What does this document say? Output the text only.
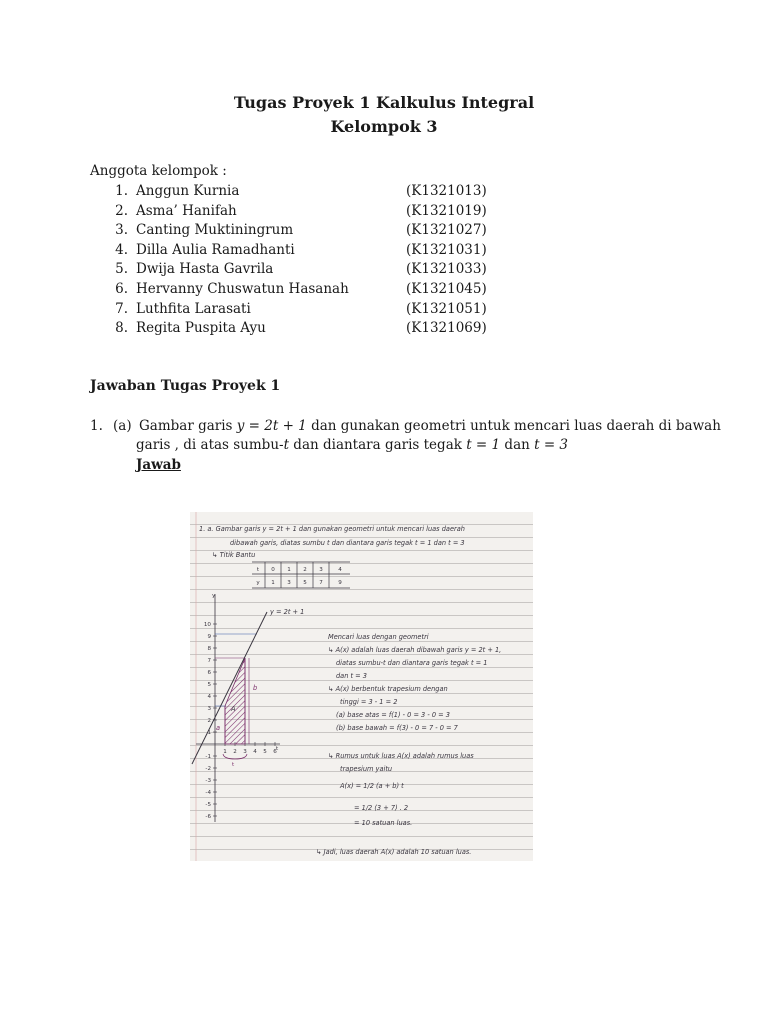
Tugas Proyek 1 Kalkulus Integral
Kelompok 3
Anggota kelompok :
1. Anggun Kurnia	(K1321013)
2. Asma’ Hanifah	(K1321019)
3. Canting Muktiningrum	(K1321027)
4. Dilla Aulia Ramadhanti	(K1321031)
5. Dwija Hasta Gavrila	(K1321033)
6. Hervanny Chuswatun Hasanah	(K1321045)
7. Luthfita Larasati	(K1321051)
8. Regita Puspita Ayu	(K1321069)
Jawaban Tugas Proyek 1
1. (a) Gambar garis y = 2t + 1 dan gunakan geometri untuk mencari luas daerah di bawah
garis , di atas sumbu-t dan diantara garis tegak t = 1 dan t = 3
Jawab
1. a. Gambar garis y = 2t + 1 dan gunakan geometri untuk mencari luas daerah
dibawah garis, diatas sumbu t dan diantara garis tegak t = 1 dan t = 3
↳ Titik Bantu
t 0 1 2 3	4
y 1 3 5 7	9
y
t
10
9
8
7
6
5
4
3
2
1
-1
-2
-3
-4
-5
-6
1 2 3 4 5 6
A
b
a
t
y = 2t + 1
Mencari luas dengan geometri
↳ A(x) adalah luas daerah dibawah garis y = 2t + 1,
diatas sumbu-t dan diantara garis tegak t = 1
dan t = 3
↳ A(x) berbentuk trapesium dengan
tinggi = 3 - 1 = 2
(a) base atas = f(1) - 0 = 3 - 0 = 3
(b) base bawah = f(3) - 0 = 7 - 0 = 7
↳ Rumus untuk luas A(x) adalah rumus luas
trapesium yaitu
A(x) = 1/2 (a + b) t
= 1/2 (3 + 7) . 2
= 10 satuan luas.
↳ Jadi, luas daerah A(x) adalah 10 satuan luas.
